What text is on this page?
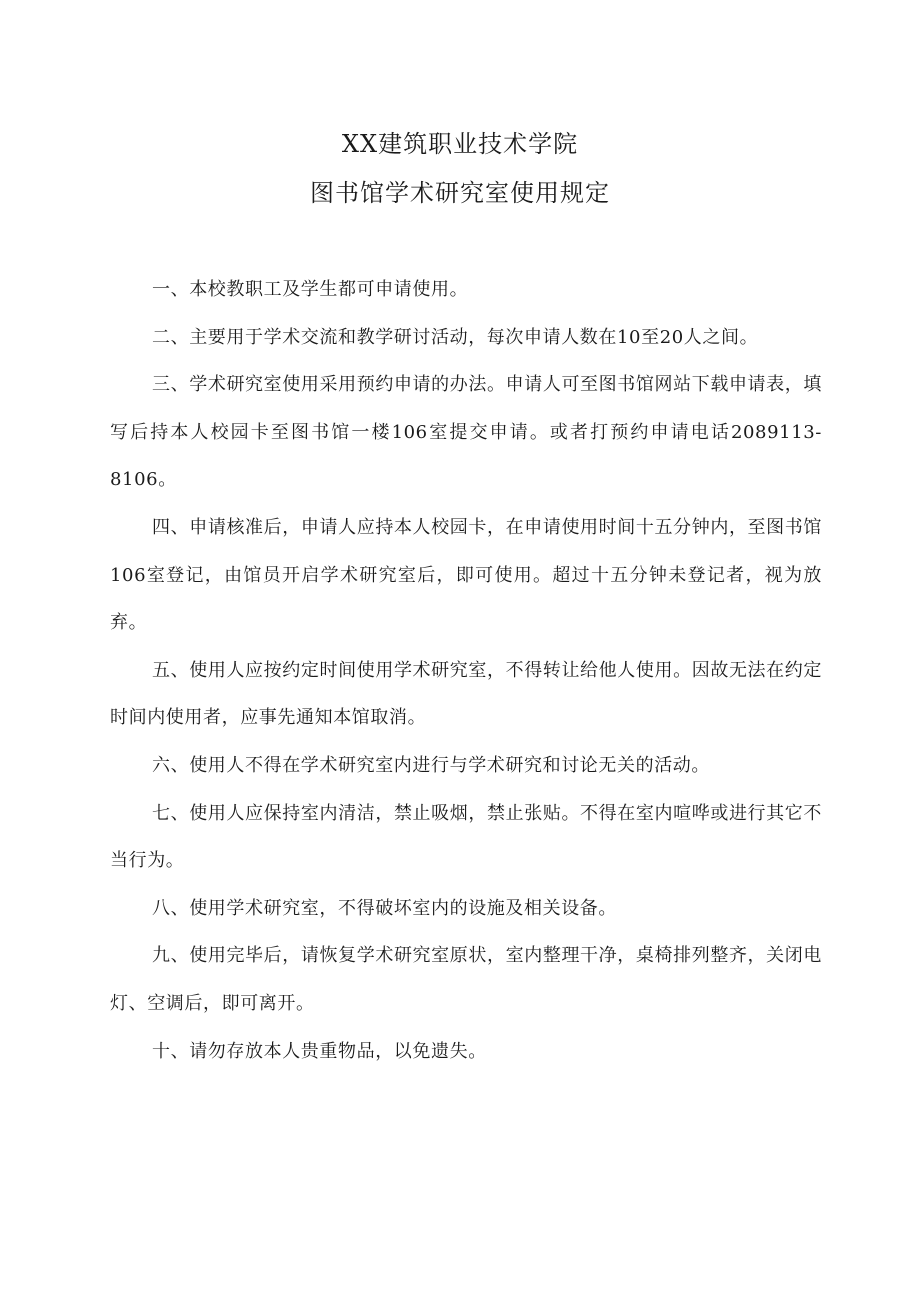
XX建筑职业技术学院
图书馆学术研究室使用规定

一、本校教职工及学生都可申请使用。

二、主要用于学术交流和教学研讨活动，每次申请人数在10至20人之间。

三、学术研究室使用采用预约申请的办法。申请人可至图书馆网站下载申请表，填写后持本人校园卡至图书馆一楼106室提交申请。或者打预约申请电话2089113-8106。

四、申请核准后，申请人应持本人校园卡，在申请使用时间十五分钟内，至图书馆106室登记，由馆员开启学术研究室后，即可使用。超过十五分钟未登记者，视为放弃。

五、使用人应按约定时间使用学术研究室，不得转让给他人使用。因故无法在约定时间内使用者，应事先通知本馆取消。

六、使用人不得在学术研究室内进行与学术研究和讨论无关的活动。

七、使用人应保持室内清洁，禁止吸烟，禁止张贴。不得在室内喧哗或进行其它不当行为。

八、使用学术研究室，不得破坏室内的设施及相关设备。

九、使用完毕后，请恢复学术研究室原状，室内整理干净，桌椅排列整齐，关闭电灯、空调后，即可离开。

十、请勿存放本人贵重物品，以免遗失。
